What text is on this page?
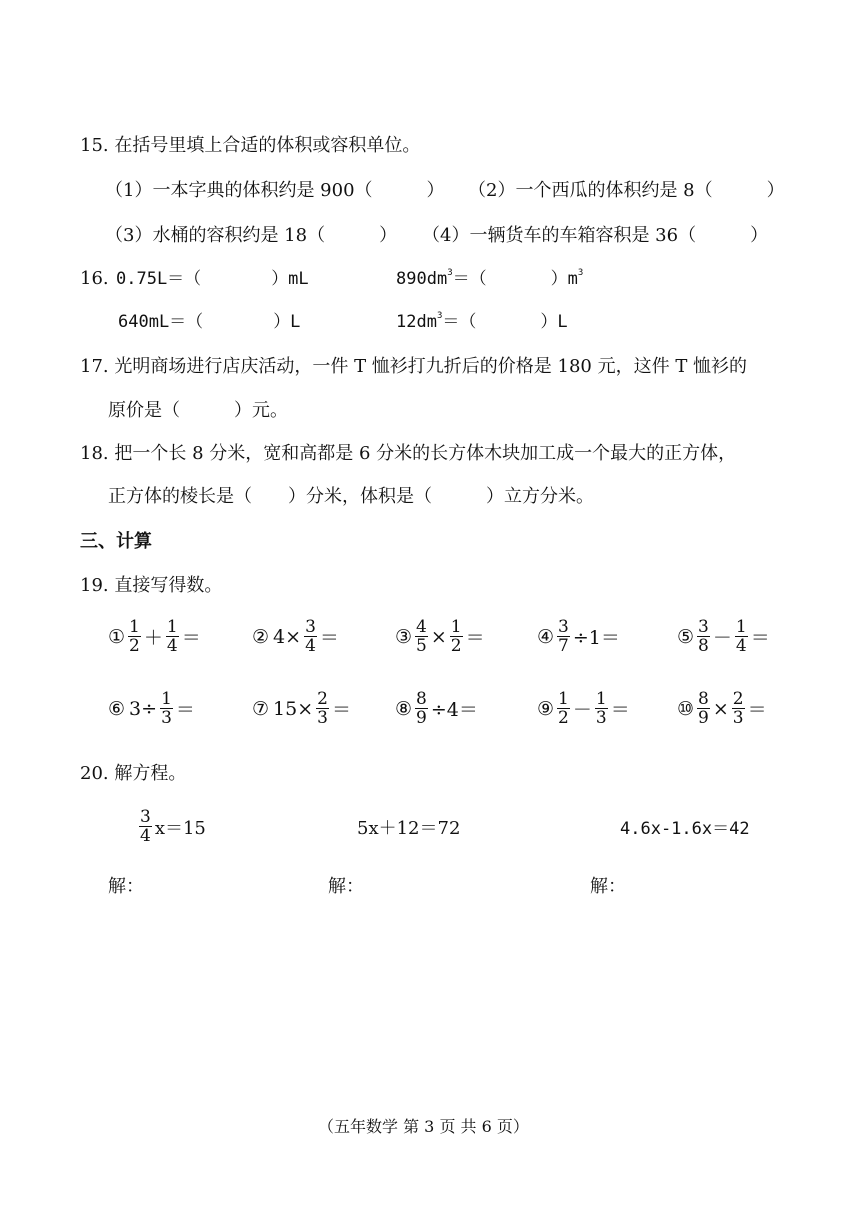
15. 在括号里填上合适的体积或容积单位。
（1）一本字典的体积约是 900（　　　） （2）一个西瓜的体积约是 8（　　　）
（3）水桶的容积约是 18（　　　） （4）一辆货车的车箱容积是 36（　　　）
16. 0.75L＝（	）mL	$890dm^3=$（	）$m^3$
640mL＝（	）L	$12dm^3=$（	）L
17. 光明商场进行店庆活动，一件 T 恤衫打九折后的价格是 180 元，这件 T 恤衫的
原价是（　　　）元。
18. 把一个长 8 分米，宽和高都是 6 分米的长方体木块加工成一个最大的正方体，
正方体的棱长是（　　）分米，体积是（　　　）立方分米。
三、计算
19. 直接写得数。
① $\frac{1}{2} + \frac{1}{4}$ ＝	② $4\times \frac{3}{4}$ ＝	③ $\frac{4}{5} \times \frac{1}{2}$ ＝	④ $\frac{3}{7} \div 1=$	⑤ $\frac{3}{8} - \frac{1}{4}$ ＝
⑥ $3\div \frac{1}{3}$ ＝	⑦ $15\times \frac{2}{3}$ ＝ ⑧ $\frac{8}{9} \div 4=$	⑨ $\frac{1}{2} - \frac{1}{3}$ ＝ ⑩ $\frac{8}{9} \times \frac{2}{3}$ ＝
20. 解方程。
$\frac{3}{4} x=15$	5x＋12＝72	4.6x-1.6x＝42
解：	解：	解：
（五年数学 第 3 页 共 6 页）
